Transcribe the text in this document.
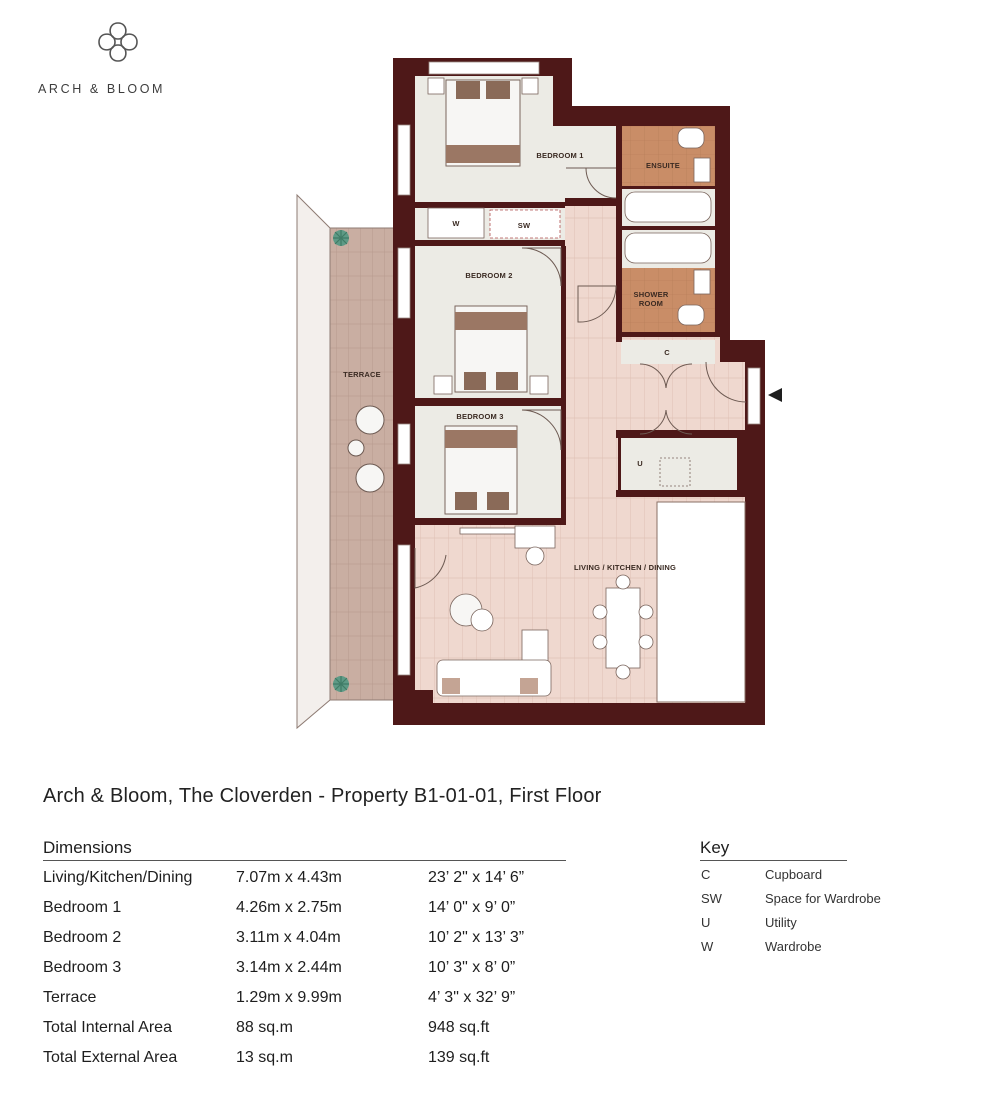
ARCH & BLOOM
BEDROOM 1
ENSUITE
W	SW
BEDROOM 2
SHOWER
ROOM
C
TERRACE
BEDROOM 3
U
LIVING / KITCHEN / DINING
Arch & Bloom, The Cloverden - Property B1-01-01, First Floor
Dimensions
Living/Kitchen/Dining	7.07m x 4.43m	23’ 2" x 14’ 6”
Bedroom 1	4.26m x 2.75m	14’ 0" x 9’ 0”
Bedroom 2	3.11m x 4.04m	10’ 2" x 13’ 3”
Bedroom 3	3.14m x 2.44m	10’ 3" x 8’ 0”
Terrace	1.29m x 9.99m	4’ 3" x 32’ 9”
Total Internal Area	88 sq.m	948 sq.ft
Total External Area	13 sq.m	139 sq.ft
Key
C	Cupboard
SW	Space for Wardrobe
U	Utility
W	Wardrobe
